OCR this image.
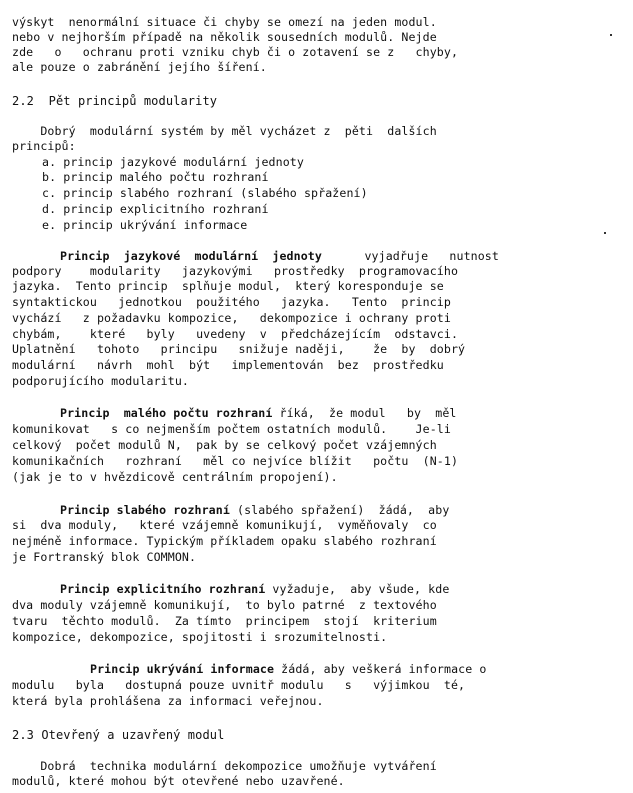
výskyt  nenormální situace či chyby se omezí na jeden modul.

nebo v nejhorším případě na několik sousedních modulů. Nejde

zde   o   ochranu proti vzniku chyb či o zotavení se z   chyby,

ale pouze o zabránění jejího šíření.

2.2 Pět principů modularity

Dobrý  modulární systém by měl vycházet z  pěti  dalších

principů:

a. princip jazykové modulární jednoty

b. princip malého počtu rozhraní

c. princip slabého rozhraní (slabého spřažení)

d. princip explicitního rozhraní

e. princip ukrývání informace

Princip  jazykové  modulární  jednoty      vyjadřuje   nutnost

podpory    modularity   jazykovými   prostředky  programovacího

jazyka.  Tento princip  splňuje modul,  který koresponduje se

syntaktickou   jednotkou  použitého   jazyka.   Tento  princip

vychází   z požadavku kompozice,   dekompozice i ochrany proti

chybám,    které   byly   uvedeny  v  předcházejícím  odstavci.

Uplatnění   tohoto   principu   snižuje naději,    že  by  dobrý

modulární   návrh  mohl  být   implementován  bez  prostředku

podporujícího modularitu.

Princip  malého počtu rozhraní říká,  že modul   by  měl

komunikovat   s co nejmenším počtem ostatních modulů.    Je-li

celkový  počet modulů N,  pak by se celkový počet vzájemných

komunikačních   rozhraní   měl co nejvíce blížit   počtu  (N-1)

(jak je to v hvězdicově centrálním propojení).

Princip slabého rozhraní (slabého spřažení)  žádá,  aby

si  dva moduly,   které vzájemně komunikují,  vyměňovaly  co

nejméně informace. Typickým příkladem opaku slabého rozhraní

je Fortranský blok COMMON.

Princip explicitního rozhraní vyžaduje,  aby všude, kde

dva moduly vzájemně komunikují,  to bylo patrné  z textového

tvaru  těchto modulů.  Za tímto  principem  stojí  kriterium

kompozice, dekompozice, spojitosti i srozumitelnosti.

Princip ukrývání informace žádá, aby veškerá informace o

modulu   byla   dostupná pouze uvnitř modulu   s   výjimkou  té,

která byla prohlášena za informaci veřejnou.

2.3 Otevřený a uzavřený modul

Dobrá  technika modulární dekompozice umožňuje vytváření

modulů, které mohou být otevřené nebo uzavřené.
